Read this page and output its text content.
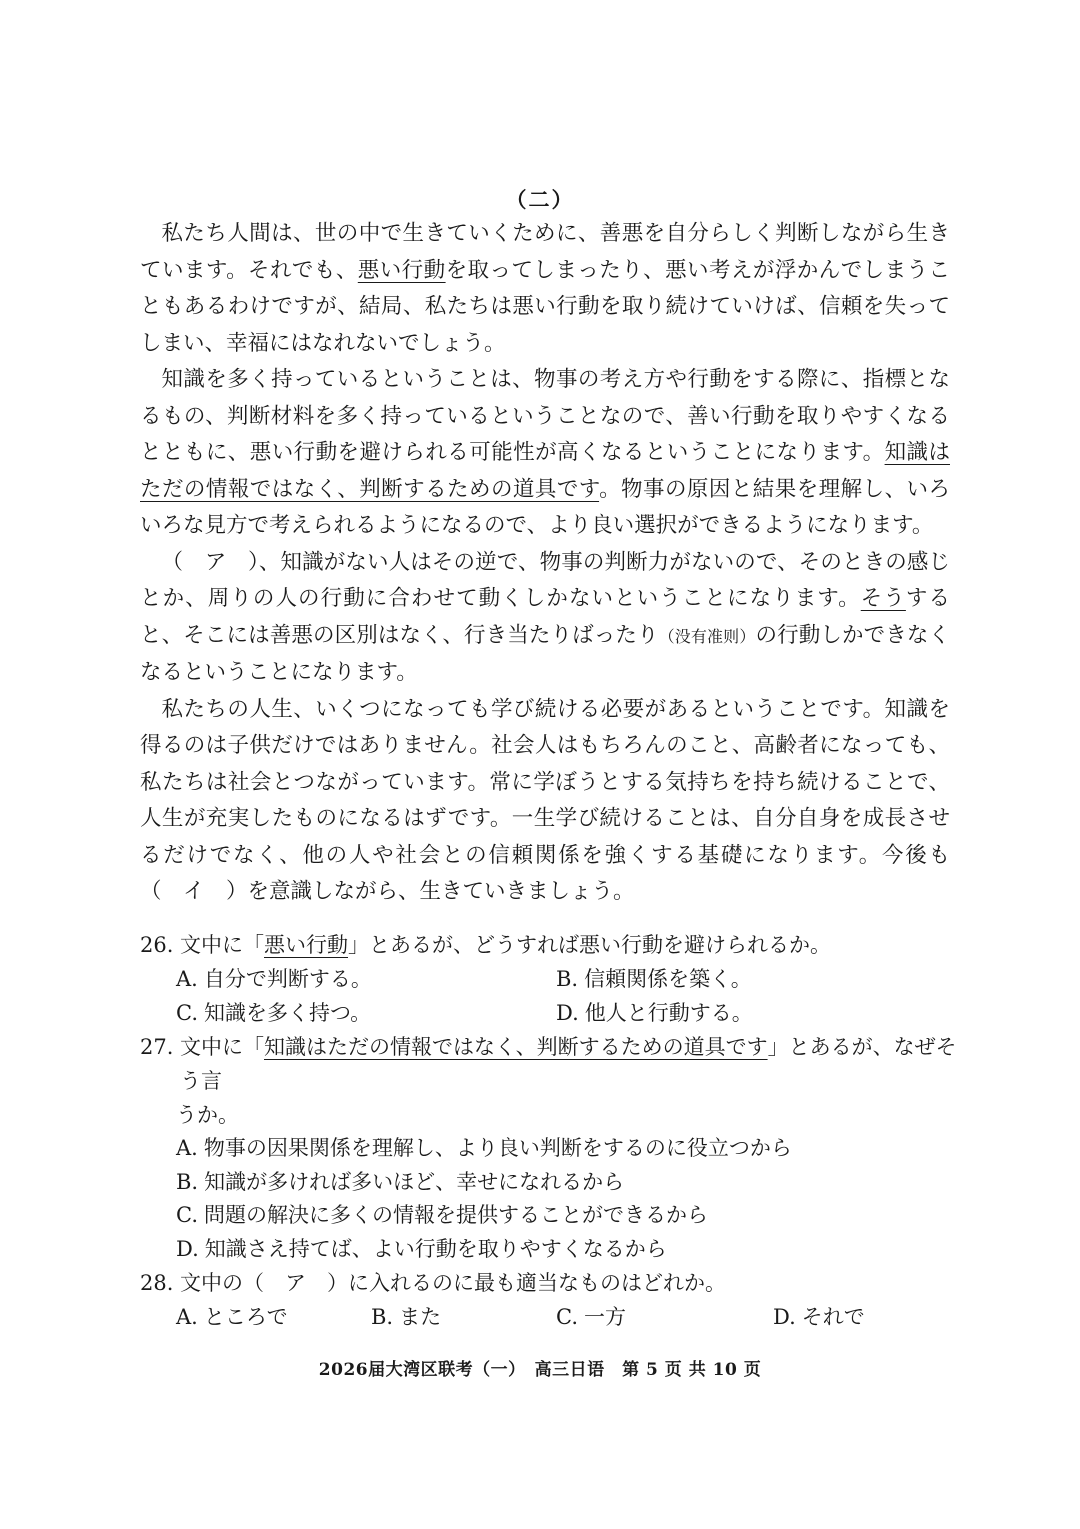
（二）

私たち人間は、世の中で生きていくために、善悪を自分らしく判断しながら生きています。それでも、悪い行動を取ってしまったり、悪い考えが浮かんでしまうこともあるわけですが、結局、私たちは悪い行動を取り続けていけば、信頼を失ってしまい、幸福にはなれないでしょう。

知識を多く持っているということは、物事の考え方や行動をする際に、指標となるもの、判断材料を多く持っているということなので、善い行動を取りやすくなるとともに、悪い行動を避けられる可能性が高くなるということになります。知識はただの情報ではなく、判断するための道具です。物事の原因と結果を理解し、いろいろな見方で考えられるようになるので、より良い選択ができるようになります。

（　ア　）、知識がない人はその逆で、物事の判断力がないので、そのときの感じとか、周りの人の行動に合わせて動くしかないということになります。そうすると、そこには善悪の区別はなく、行き当たりばったり（没有准则）の行動しかできなくなるということになります。

私たちの人生、いくつになっても学び続ける必要があるということです。知識を得るのは子供だけではありません。社会人はもちろんのこと、高齢者になっても、私たちは社会とつながっています。常に学ぼうとする気持ちを持ち続けることで、人生が充実したものになるはずです。一生学び続けることは、自分自身を成長させるだけでなく、他の人や社会との信頼関係を強くする基礎になります。今後も（　イ　）を意識しながら、生きていきましょう。

26. 文中に「悪い行動」とあるが、どうすれば悪い行動を避けられるか。
A. 自分で判断する。	B. 信頼関係を築く。
C. 知識を多く持つ。	D. 他人と行動する。
27. 文中に「知識はただの情報ではなく、判断するための道具です」とあるが、なぜそう言
うか。
A. 物事の因果関係を理解し、より良い判断をするのに役立つから
B. 知識が多ければ多いほど、幸せになれるから
C. 問題の解決に多くの情報を提供することができるから
D. 知識さえ持てば、よい行動を取りやすくなるから
28. 文中の（　ア　）に入れるのに最も適当なものはどれか。
A. ところで	B. また	C. 一方	D. それで
2026届大湾区联考（一）　高三日语　第 5 页 共 10 页
